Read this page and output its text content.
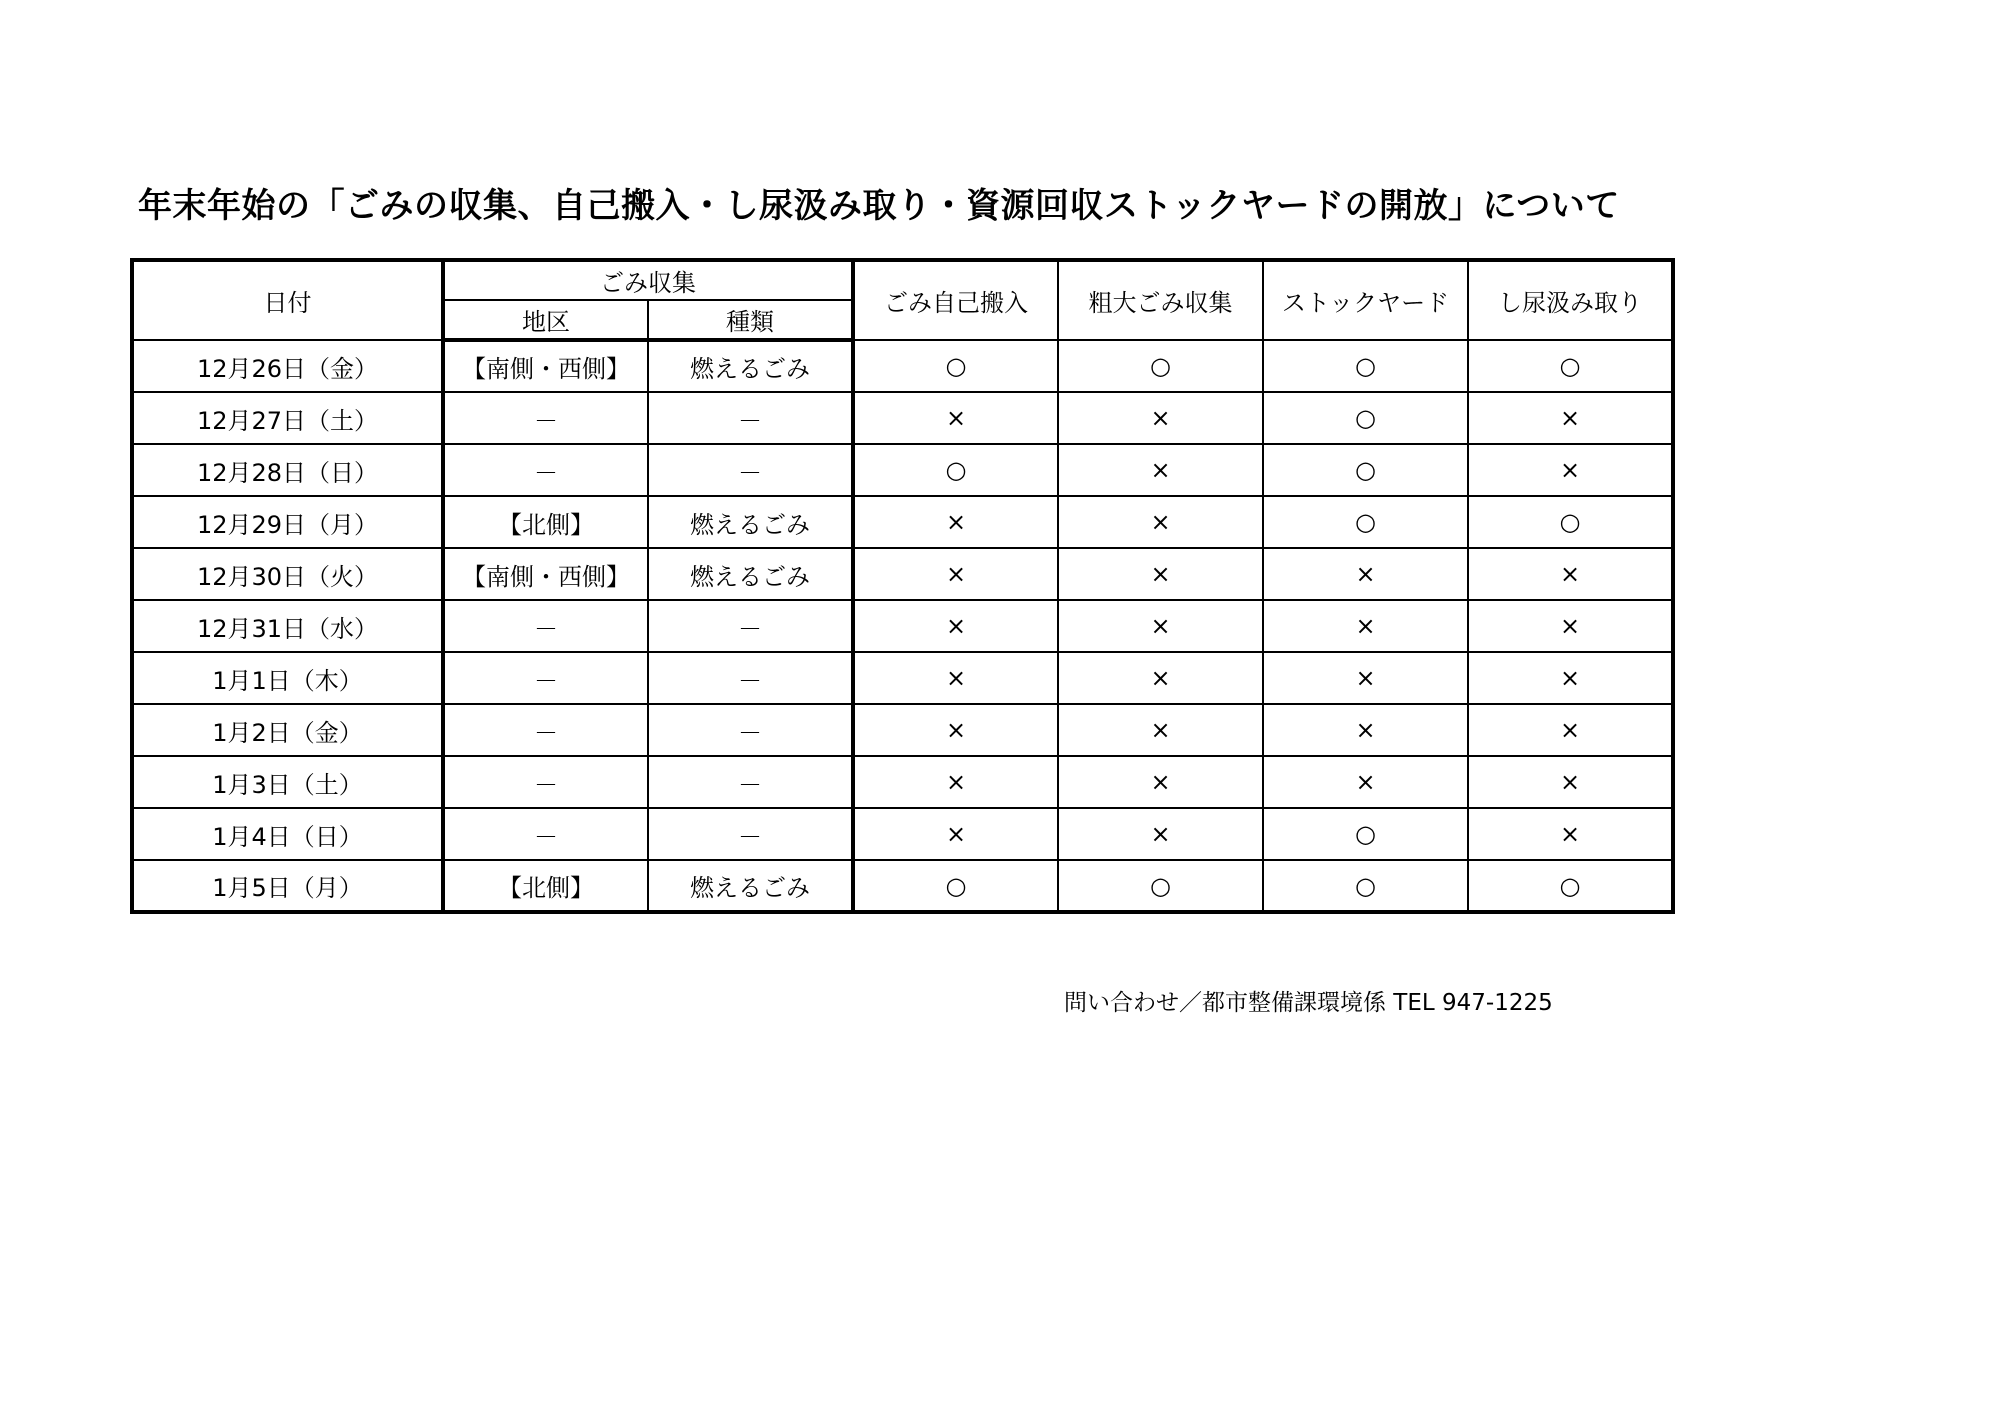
年末年始の「ごみの収集、自己搬入・し尿汲み取り・資源回収ストックヤードの開放」について
日付	ごみ収集		ごみ自己搬入	粗大ごみ収集	ストックヤード	し尿汲み取り
	地区	種類				
12月26日（金）	【南側・西側】	燃えるごみ	○	○	○	○
12月27日（土）	－	－	×	×	○	×
12月28日（日）	－	－	○	×	○	×
12月29日（月）	【北側】	燃えるごみ	×	×	○	○
12月30日（火）	【南側・西側】	燃えるごみ	×	×	×	×
12月31日（水）	－	－	×	×	×	×
1月1日（木）	－	－	×	×	×	×
1月2日（金）	－	－	×	×	×	×
1月3日（土）	－	－	×	×	×	×
1月4日（日）	－	－	×	×	○	×
1月5日（月）	【北側】	燃えるごみ	○	○	○	○
問い合わせ／都市整備課環境係 TEL 947-1225
